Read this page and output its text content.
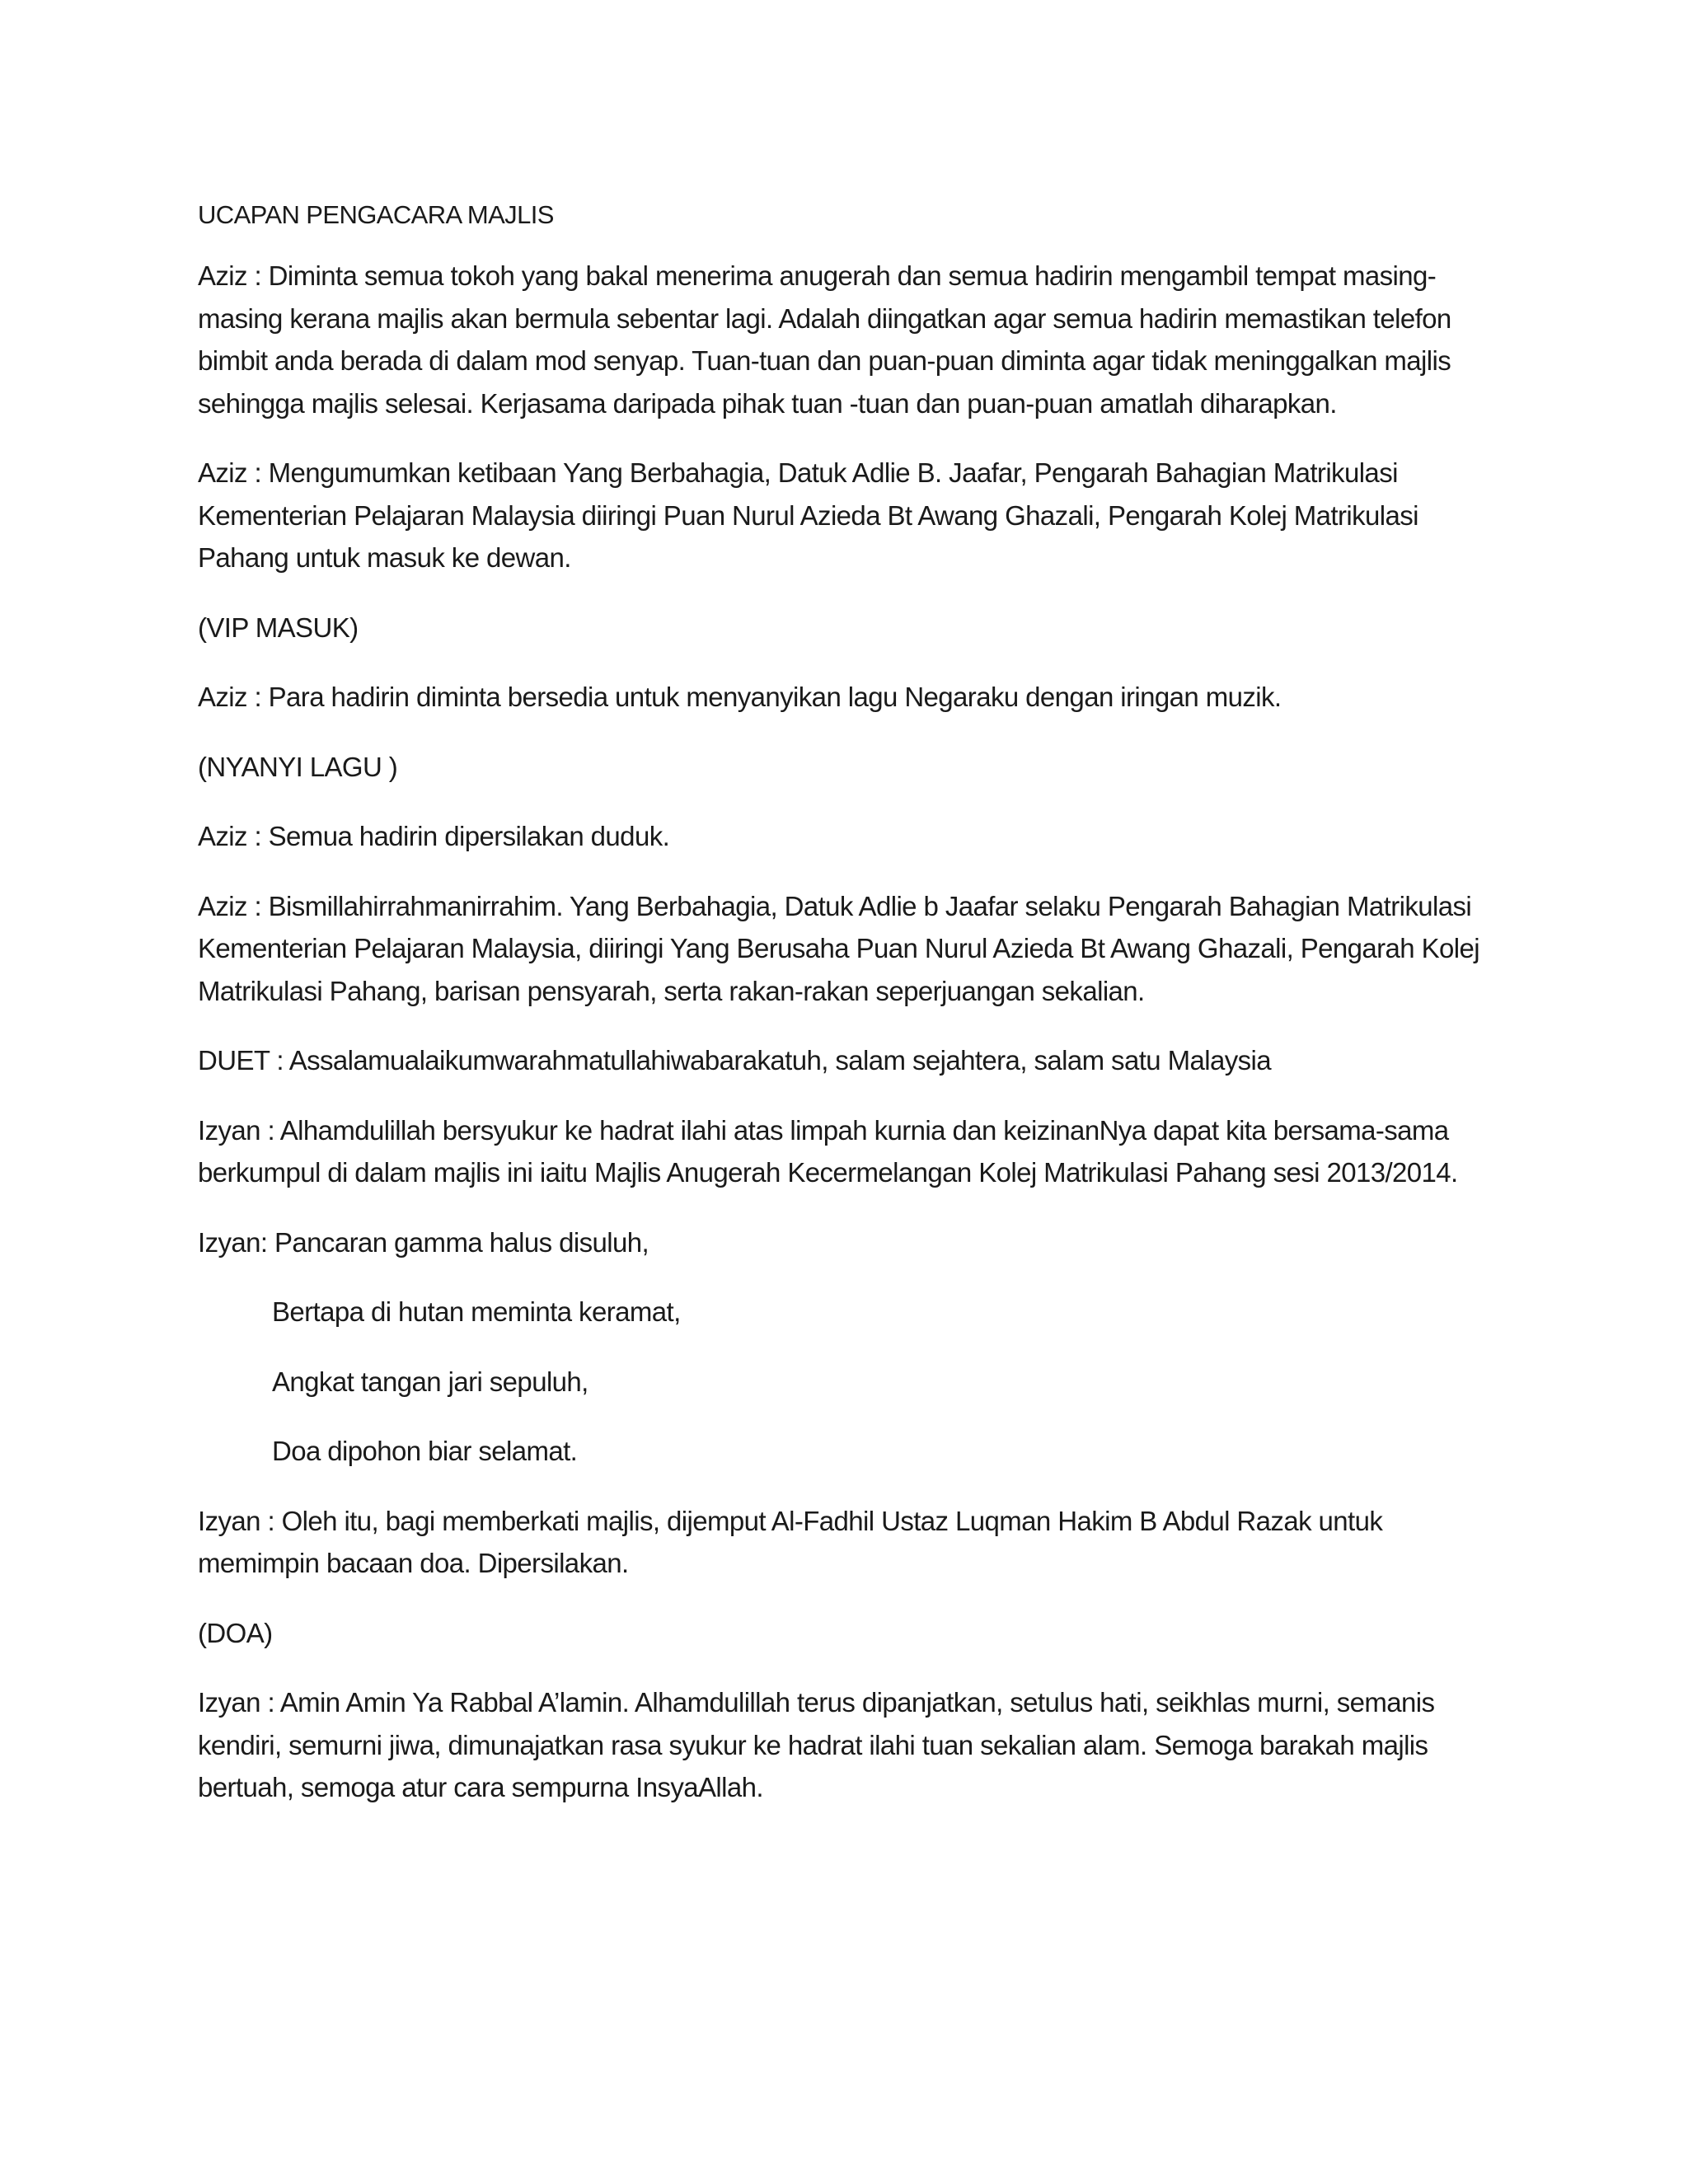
UCAPAN PENGACARA MAJLIS
Aziz : Diminta semua tokoh yang bakal menerima anugerah dan semua hadirin mengambil tempat masing-masing kerana majlis akan bermula sebentar lagi. Adalah diingatkan agar semua hadirin memastikan telefon bimbit anda berada di dalam mod senyap. Tuan-tuan dan puan-puan diminta agar tidak meninggalkan majlis sehingga majlis selesai. Kerjasama daripada pihak tuan -tuan dan puan-puan amatlah diharapkan.
Aziz : Mengumumkan ketibaan Yang Berbahagia, Datuk Adlie B. Jaafar, Pengarah Bahagian Matrikulasi Kementerian Pelajaran Malaysia diiringi Puan Nurul Azieda Bt Awang Ghazali, Pengarah Kolej Matrikulasi Pahang untuk masuk ke dewan.
(VIP MASUK)
Aziz : Para hadirin diminta bersedia untuk menyanyikan lagu Negaraku dengan iringan muzik.
(NYANYI LAGU )
Aziz : Semua hadirin dipersilakan duduk.
Aziz : Bismillahirrahmanirrahim. Yang Berbahagia, Datuk Adlie b Jaafar selaku Pengarah Bahagian Matrikulasi Kementerian Pelajaran Malaysia, diiringi Yang Berusaha Puan Nurul Azieda Bt Awang Ghazali, Pengarah Kolej Matrikulasi Pahang, barisan pensyarah, serta rakan-rakan seperjuangan sekalian.
DUET : Assalamualaikumwarahmatullahiwabarakatuh, salam sejahtera, salam satu Malaysia
Izyan : Alhamdulillah bersyukur ke hadrat ilahi atas limpah kurnia dan keizinanNya dapat kita bersama-sama berkumpul di dalam majlis ini iaitu Majlis Anugerah Kecermelangan Kolej Matrikulasi Pahang sesi 2013/2014.
Izyan: Pancaran gamma halus disuluh,
Bertapa di hutan meminta keramat,
Angkat tangan jari sepuluh,
Doa dipohon biar selamat.
Izyan : Oleh itu, bagi memberkati majlis, dijemput Al-Fadhil Ustaz Luqman Hakim B Abdul Razak untuk memimpin bacaan doa. Dipersilakan.
(DOA)
Izyan : Amin Amin Ya Rabbal A’lamin. Alhamdulillah terus dipanjatkan, setulus hati, seikhlas murni, semanis kendiri, semurni jiwa, dimunajatkan rasa syukur ke hadrat ilahi tuan sekalian alam. Semoga barakah majlis bertuah, semoga atur cara sempurna InsyaAllah.
